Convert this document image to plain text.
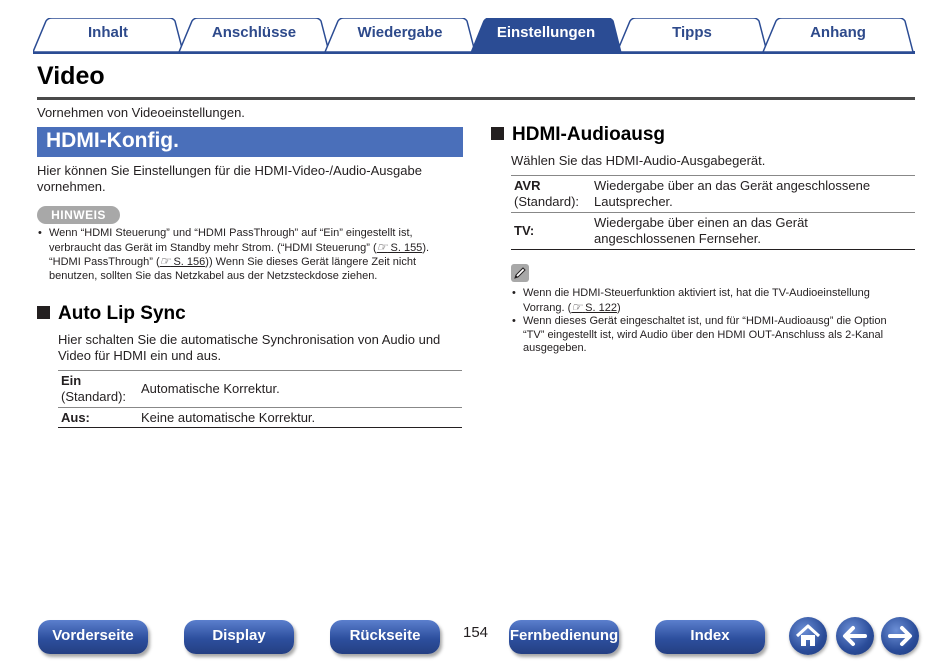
Inhalt	Anschlüsse	Wiedergabe	Einstellungen	Tipps	Anhang
Video
Vornehmen von Videoeinstellungen.
HDMI-Konfig.
Hier können Sie Einstellungen für die HDMI-Video-/Audio-Ausgabe vornehmen.
HINWEIS
• Wenn “HDMI Steuerung” und “HDMI PassThrough” auf “Ein” eingestellt ist, verbraucht das Gerät im Standby mehr Strom. (“HDMI Steuerung” (☞ S. 155). “HDMI PassThrough” (☞ S. 156)) Wenn Sie dieses Gerät längere Zeit nicht benutzen, sollten Sie das Netzkabel aus der Netzsteckdose ziehen.
Auto Lip Sync
Hier schalten Sie die automatische Synchronisation von Audio und Video für HDMI ein und aus.
Ein
(Standard):	Automatische Korrektur.
Aus:	Keine automatische Korrektur.
HDMI-Audioausg
Wählen Sie das HDMI-Audio-Ausgabegerät.
AVR
(Standard):	Wiedergabe über an das Gerät angeschlossene Lautsprecher.
TV:	Wiedergabe über einen an das Gerät angeschlossenen Fernseher.
• Wenn die HDMI-Steuerfunktion aktiviert ist, hat die TV-Audioeinstellung Vorrang. (☞ S. 122)
• Wenn dieses Gerät eingeschaltet ist, und für “HDMI-Audioausg” die Option “TV” eingestellt ist, wird Audio über den HDMI OUT-Anschluss als 2-Kanal ausgegeben.
Vorderseite	Display	Rückseite	154 Fernbedienung	Index
